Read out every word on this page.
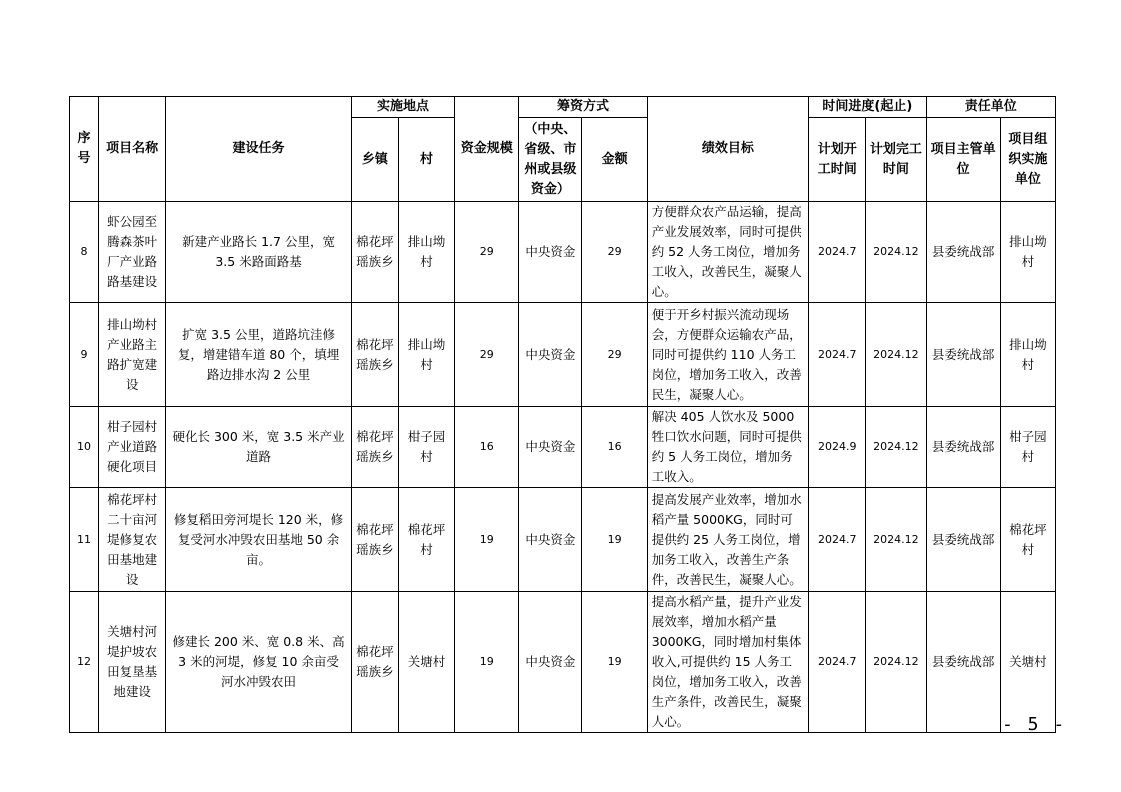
序号	项目名称	建设任务	实施地点		资金规模	筹资方式		绩效目标	时间进度(起止)		责任单位	
			乡镇	村		（中央、省级、市州或县级资金）	金额		计划开工时间	计划完工时间	项目主管单位	项目组织实施单位
8	虾公园至腾森茶叶厂产业路路基建设	新建产业路长 1.7 公里，宽 3.5 米路面路基	棉花坪瑶族乡	排山坳村	29	中央资金	29	方便群众农产品运输，提高产业发展效率，同时可提供约 52 人务工岗位，增加务工收入，改善民生，凝聚人心。	2024.7	2024.12	县委统战部	排山坳村
9	排山坳村产业路主路扩宽建设	扩宽 3.5 公里，道路坑洼修复，增建错车道 80 个，填埋路边排水沟 2 公里	棉花坪瑶族乡	排山坳村	29	中央资金	29	便于开乡村振兴流动现场会，方便群众运输农产品，同时可提供约 110 人务工岗位，增加务工收入，改善民生，凝聚人心。	2024.7	2024.12	县委统战部	排山坳村
10	柑子园村产业道路硬化项目	硬化长 300 米，宽 3.5 米产业道路	棉花坪瑶族乡	柑子园村	16	中央资金	16	解决 405 人饮水及 5000 牲口饮水问题，同时可提供约 5 人务工岗位，增加务工收入。	2024.9	2024.12	县委统战部	柑子园村
11	棉花坪村二十亩河堤修复农田基地建设	修复稻田旁河堤长 120 米，修复受河水冲毁农田基地 50 余亩。	棉花坪瑶族乡	棉花坪村	19	中央资金	19	提高发展产业效率，增加水稻产量 5000KG，同时可提供约 25 人务工岗位，增加务工收入，改善生产条件，改善民生，凝聚人心。	2024.7	2024.12	县委统战部	棉花坪村
12	关塘村河堤护坡农田复垦基地建设	修建长 200 米、宽 0.8 米、高 3 米的河堤，修复 10 余亩受河水冲毁农田	棉花坪瑶族乡	关塘村	19	中央资金	19	提高水稻产量，提升产业发展效率，增加水稻产量 3000KG，同时增加村集体收入,可提供约 15 人务工岗位，增加务工收入，改善生产条件，改善民生，凝聚人心。	2024.7	2024.12	县委统战部	关塘村
- 5 -
